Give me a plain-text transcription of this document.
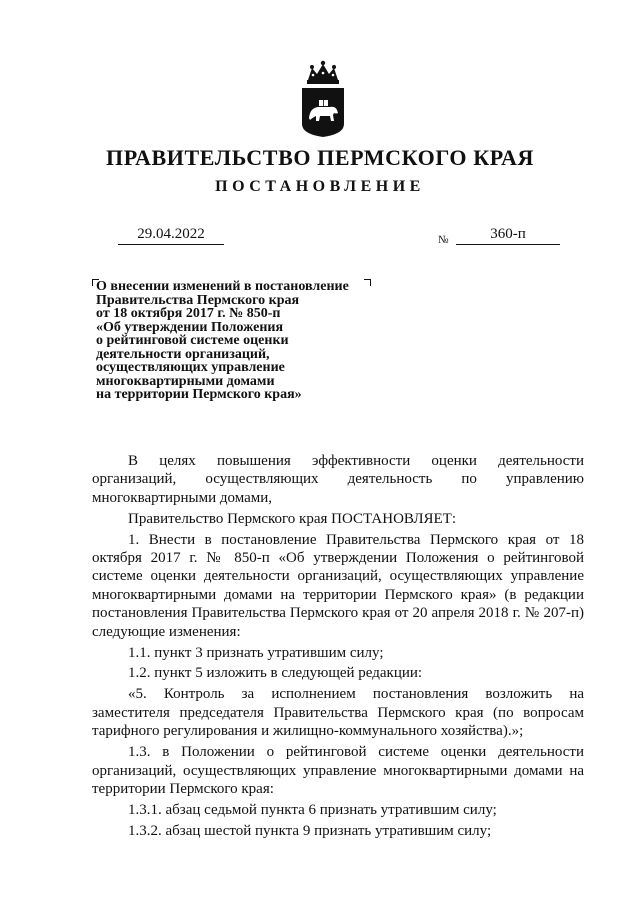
ПРАВИТЕЛЬСТВО ПЕРМСКОГО КРАЯ
ПОСТАНОВЛЕНИЕ
29.04.2022	№	360-п
О внесении изменений в постановление
Правительства Пермского края
от 18 октября 2017 г. № 850-п
«Об утверждении Положения
о рейтинговой системе оценки
деятельности организаций,
осуществляющих управление
многоквартирными домами
на территории Пермского края»

В целях повышения эффективности оценки деятельности организаций, осуществляющих деятельность по управлению многоквартирными домами,

Правительство Пермского края ПОСТАНОВЛЯЕТ:

1. Внести в постановление Правительства Пермского края от 18 октября 2017 г. № 850-п «Об утверждении Положения о рейтинговой системе оценки деятельности организаций, осуществляющих управление многоквартирными домами на территории Пермского края» (в редакции постановления Правительства Пермского края от 20 апреля 2018 г. № 207-п) следующие изменения:

1.1. пункт 3 признать утратившим силу;

1.2. пункт 5 изложить в следующей редакции:

«5. Контроль за исполнением постановления возложить на заместителя председателя Правительства Пермского края (по вопросам тарифного регулирования и жилищно-коммунального хозяйства).»;

1.3. в Положении о рейтинговой системе оценки деятельности организаций, осуществляющих управление многоквартирными домами на территории Пермского края:

1.3.1. абзац седьмой пункта 6 признать утратившим силу;

1.3.2. абзац шестой пункта 9 признать утратившим силу;
